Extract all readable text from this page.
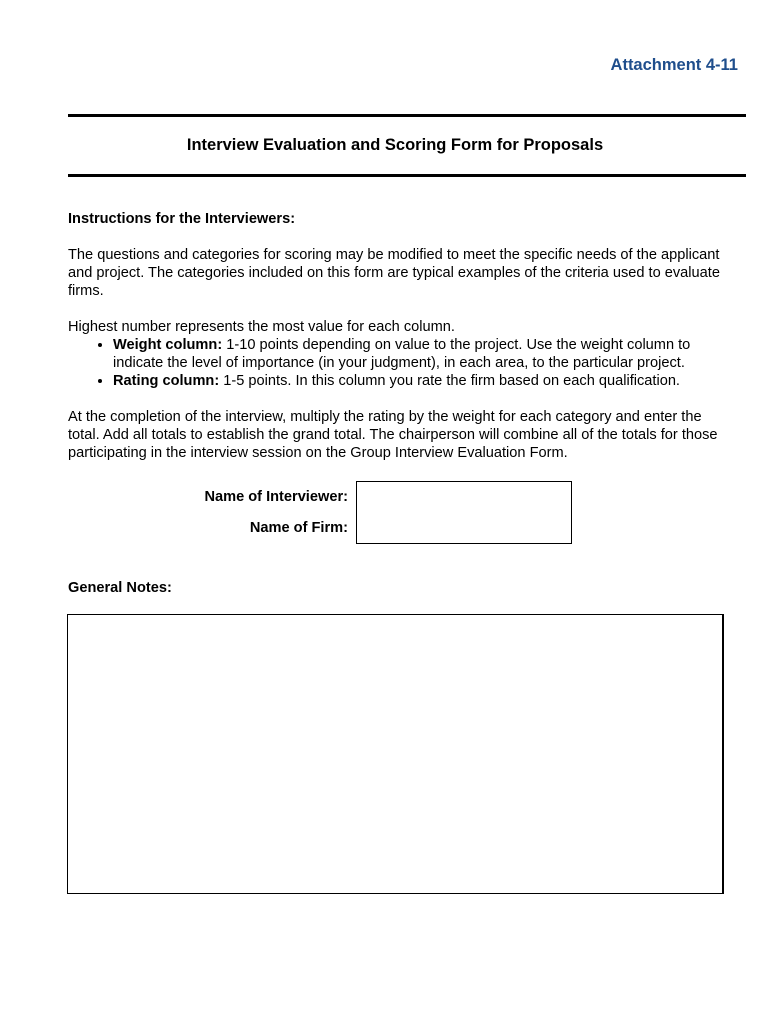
Attachment 4-11
Interview Evaluation and Scoring Form for Proposals
Instructions for the Interviewers:

The questions and categories for scoring may be modified to meet the specific needs of the applicant and project. The categories included on this form are typical examples of the criteria used to evaluate firms.

Highest number represents the most value for each column.

• Weight column: 1-10 points depending on value to the project. Use the weight column to indicate the level of importance (in your judgment), in each area, to the particular project.
• Rating column: 1-5 points. In this column you rate the firm based on each qualification.

At the completion of the interview, multiply the rating by the weight for each category and enter the total. Add all totals to establish the grand total. The chairperson will combine all of the totals for those participating in the interview session on the Group Interview Evaluation Form.

Name of Interviewer:
Name of Firm:
General Notes:
